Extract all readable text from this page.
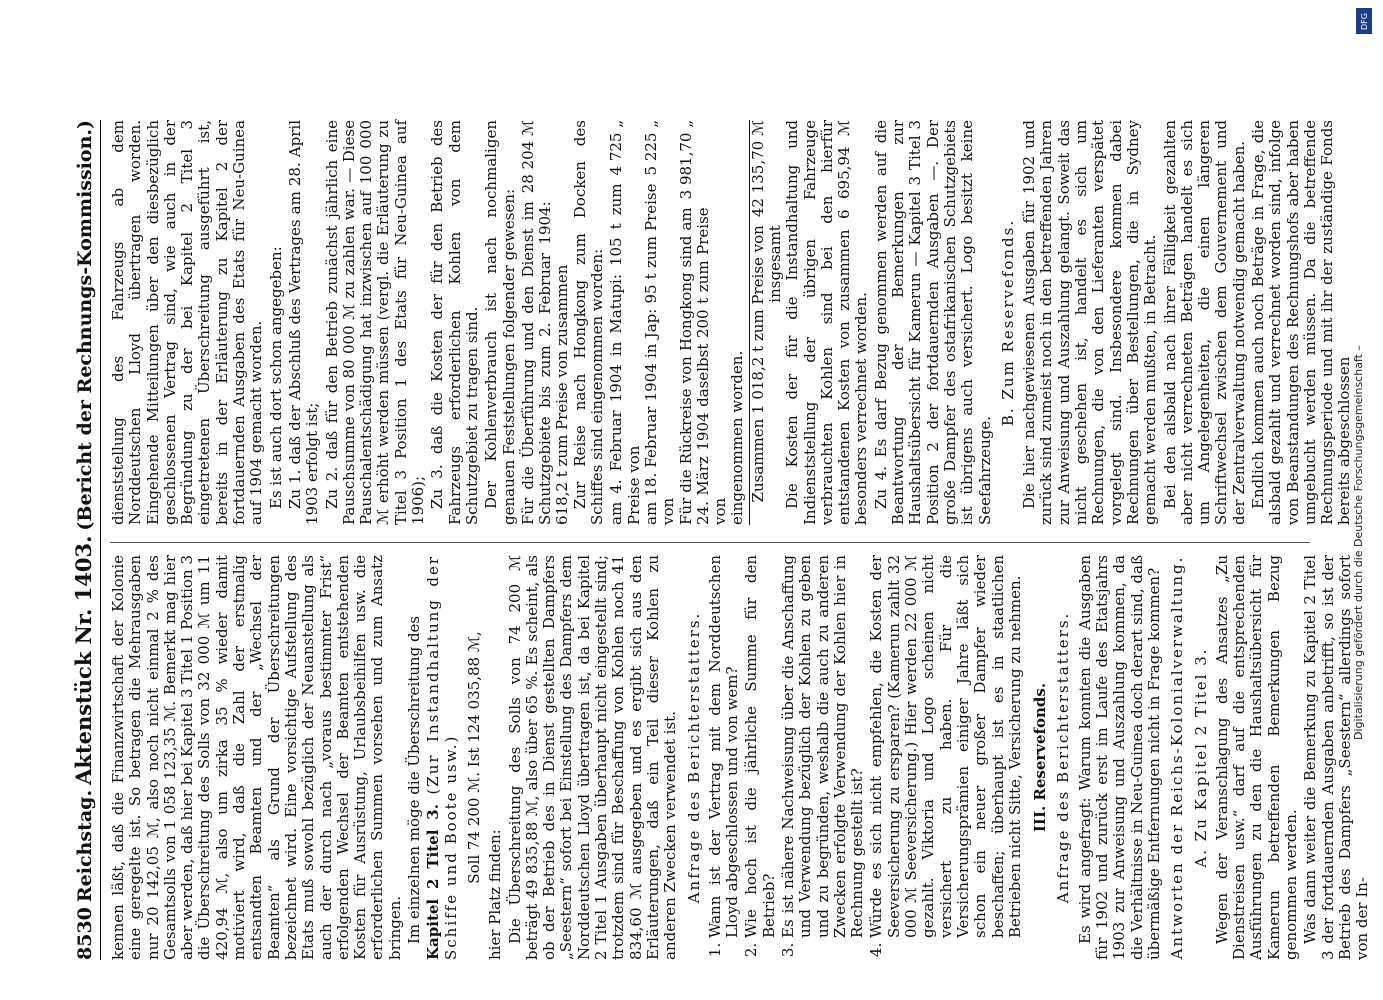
8530
Reichstag.
Aktenstück Nr. 1403.
(Bericht der Rechnungs-Kommission.)

kennen läßt, daß die Finanzwirtschaft der Kolonie eine geregelte ist. So betragen die Mehrausgaben nur 20 142,05 ℳ, also noch nicht einmal 2 % des Gesamtsolls von 1 058 123,35 ℳ. Bemerkt mag hier aber werden, daß hier bei Kapitel 3 Titel 1 Position 3 die Überschreitung des Solls von 32 000 ℳ um 11 420,94 ℳ, also um zirka 35 % wieder damit motiviert wird, daß die Zahl der erstmalig entsandten Beamten und der „Wechsel der Beamten“ als Grund der Überschreitungen bezeichnet wird. Eine vorsichtige Aufstellung des Etats muß sowohl bezüglich der Neuanstellung als auch der durch nach „voraus bestimmter Frist“ erfolgenden Wechsel der Beamten entstehenden Kosten für Ausrüstung, Urlaubsbeihilfen usw. die erforderlichen Summen vorsehen und zum Ansatz bringen. Im einzelnen möge die Überschreitung des Kapitel 2 Titel 3. (Zur Instandhaltung der Schiffe und Boote usw.) Soll 74 200 ℳ. Ist 124 035,88 ℳ,

hier Platz finden: Die Überschreitung des Solls von 74 200 ℳ beträgt 49 835,88 ℳ, also über 65 %. Es scheint, als ob der Betrieb des in Dienst gestellten Dampfers „Seestern“ sofort bei Einstellung des Dampfers dem Norddeutschen Lloyd übertragen ist, da bei Kapitel 2 Titel 1 Ausgaben überhaupt nicht eingestellt sind; trotzdem sind für Beschaffung von Kohlen noch 41 834,60 ℳ ausgegeben und es ergibt sich aus den Erläuterungen, daß ein Teil dieser Kohlen zu anderen Zwecken verwendet ist. Anfrage des Berichterstatters. 1. Wann ist der Vertrag mit dem Norddeutschen Lloyd abgeschlossen und von wem? 2. Wie hoch ist die jährliche Summe für den Betrieb? 3. Es ist nähere Nachweisung über die Anschaffung und Verwendung bezüglich der Kohlen zu geben und zu begründen, weshalb die auch zu anderen Zwecken erfolgte Verwendung der Kohlen hier in Rechnung gestellt ist? 4. Würde es sich nicht empfehlen, die Kosten der Seeversicherung zu ersparen? (Kamerun zahlt 32 000 ℳ Seeversicherung.) Hier werden 22 000 ℳ gezahlt. Viktoria und Logo scheinen nicht versichert zu haben. Für die Versicherungsprämien einiger Jahre läßt sich schon ein neuer großer Dampfer wieder beschaffen; überhaupt ist es in staatlichen Betrieben nicht Sitte, Versicherung zu nehmen. III. Reservefonds. Anfrage des Berichterstatters. Es wird angefragt: Warum konnten die Ausgaben für 1902 und zurück erst im Laufe des Etatsjahrs 1903 zur Anweisung und Auszahlung kommen, da die Verhältnisse in Neu-Guinea doch derart sind, daß übermäßige Entfernungen nicht in Frage kommen? Antworten der Reichs-Kolonialverwaltung. A. Zu Kapitel 2 Titel 3. Wegen der Veranschlagung des Ansatzes „Zu Dienstreisen usw.“ darf auf die entsprechenden Ausführungen zu den die Haushaltsübersicht für Kamerun betreffenden Bemerkungen Bezug genommen werden. Was dann weiter die Bemerkung zu Kapitel 2 Titel 3 der fortdauernden Ausgaben anbetrifft, so ist der Betrieb des Dampfers „Seestern“ allerdings sofort von der In-

dienststellung des Fahrzeugs ab dem Norddeutschen Lloyd übertragen worden. Eingehende Mitteilungen über den diesbezüglich geschlossenen Vertrag sind, wie auch in der Begründung zu der bei Kapitel 2 Titel 3 eingetretenen Überschreitung ausgeführt ist, bereits in der Erläuterung zu Kapitel 2 der fortdauernden Ausgaben des Etats für Neu-Guinea auf 1904 gemacht worden. Es ist auch dort schon angegeben: Zu 1. daß der Abschluß des Vertrages am 28. April 1903 erfolgt ist; Zu 2. daß für den Betrieb zunächst jährlich eine Pauschsumme von 80 000 ℳ zu zahlen war. — Diese Pauschalentschädigung hat inzwischen auf 100 000 ℳ erhöht werden müssen (vergl. die Erläuterung zu Titel 3 Position 1 des Etats für Neu-Guinea auf 1906); Zu 3. daß die Kosten der für den Betrieb des Fahrzeugs erforderlichen Kohlen von dem Schutzgebiet zu tragen sind. Der Kohlenverbrauch ist nach nochmaligen genauen Feststellungen folgender gewesen: Für die Überführung und den Dienst im Schutzgebiete bis zum 2. Februar 1904: 618,2 t zum Preise von zusammen
28 204 ℳ	Zur Reise nach Hongkong zum Docken des Schiffes sind eingenommen worden: am 4. Februar 1904 in Matupi: 105 t zum Preise von
4 725 „
am 18. Februar 1904 in Jap: 95 t zum Preise von
5 225 „
Für die Rückreise von Hongkong sind am 24. März 1904 daselbst 200 t zum Preise von
3 981,70 „

eingenommen worden. Zusammen 1 018,2 t zum Preise von insgesamt
42 135,70 ℳ	Die Kosten der für die Instandhaltung und Indienststellung der übrigen Fahrzeuge verbrauchten Kohlen sind bei den hierfür entstandenen Kosten von zusammen 6 695,94 ℳ besonders verrechnet worden. Zu 4. Es darf Bezug genommen werden auf die Beantwortung der Bemerkungen zur Haushaltsübersicht für Kamerun — Kapitel 3 Titel 3 Position 2 der fortdauernden Ausgaben —. Der große Dampfer des ostafrikanischen Schutzgebiets ist übrigens auch versichert. Logo besitzt keine Seefahrzeuge.

B. Zum Reservefonds. Die hier nachgewiesenen Ausgaben für 1902 und zurück sind zumeist noch in den betreffenden Jahren zur Anweisung und Auszahlung gelangt. Soweit das nicht geschehen ist, handelt es sich um Rechnungen, die von den Lieferanten verspätet vorgelegt sind. Insbesondere kommen dabei Rechnungen über Bestellungen, die in Sydney gemacht werden mußten, in Betracht. Bei den alsbald nach ihrer Fälligkeit gezahlten aber nicht verrechneten Beträgen handelt es sich um Angelegenheiten, die einen längeren Schriftwechsel zwischen dem Gouvernement und der Zentralverwaltung notwendig gemacht haben. Endlich kommen auch noch Beträge in Frage, die alsbald gezahlt und verrechnet worden sind, infolge von Beanstandungen des Rechnungshofs aber haben umgebucht werden müssen. Da die betreffende Rechnungsperiode und mit ihr der zuständige Fonds bereits abgeschlossen

Digitalisierung gefördert durch die Deutsche Forschungsgemeinschaft –
DFG
